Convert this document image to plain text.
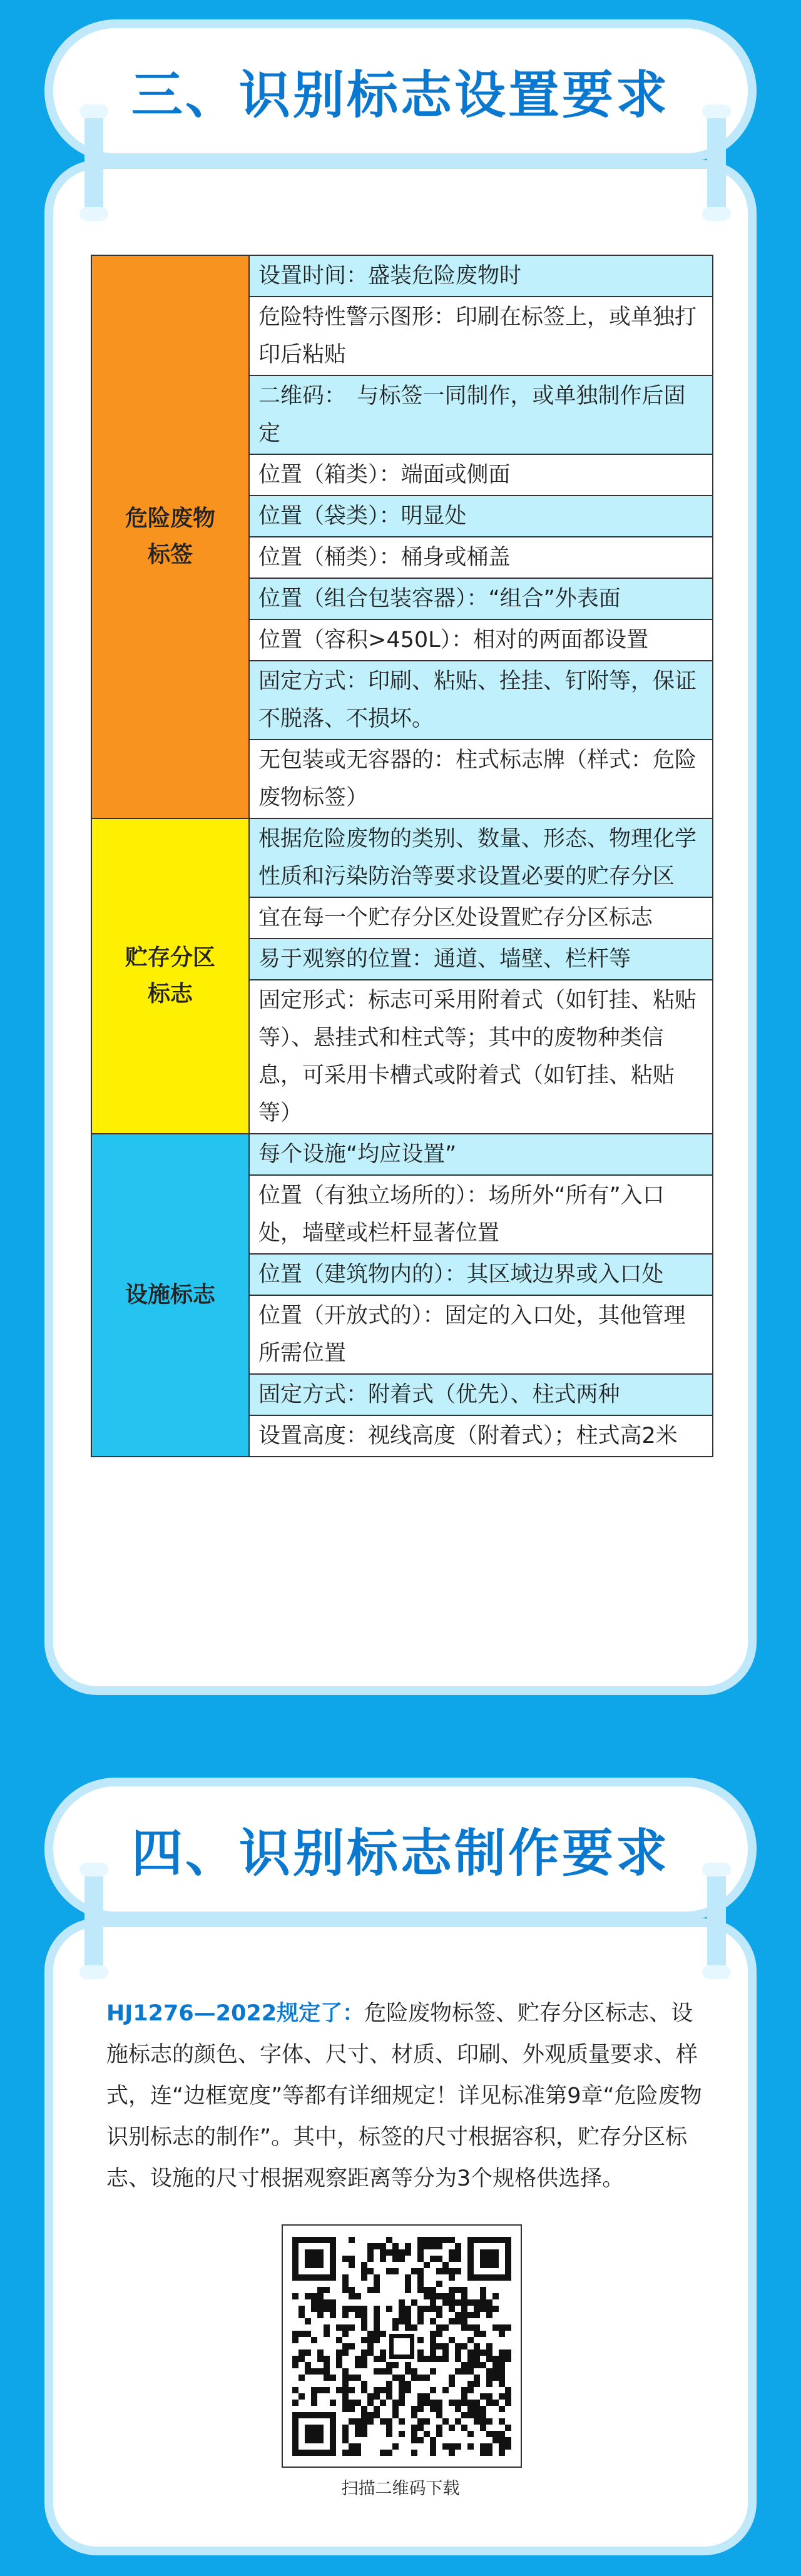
三、识别标志设置要求
危险废物
标签	设置时间：盛装危险废物时
	危险特性警示图形：印刷在标签上，或单独打印后粘贴
	二维码：　与标签一同制作，或单独制作后固定
	位置（箱类）：端面或侧面
	位置（袋类）：明显处
	位置（桶类）：桶身或桶盖
	位置（组合包装容器）：“组合”外表面
	位置（容积>450L）：相对的两面都设置
	固定方式：印刷、粘贴、拴挂、钉附等，保证不脱落、不损坏。
	无包装或无容器的：柱式标志牌（样式：危险废物标签）
贮存分区
标志	根据危险废物的类别、数量、形态、物理化学性质和污染防治等要求设置必要的贮存分区
	宜在每一个贮存分区处设置贮存分区标志
	易于观察的位置：通道、墙壁、栏杆等
	固定形式：标志可采用附着式（如钉挂、粘贴等）、悬挂式和柱式等；其中的废物种类信息，可采用卡槽式或附着式（如钉挂、粘贴等）
设施标志	每个设施“均应设置”
	位置（有独立场所的）：场所外“所有”入口处，墙壁或栏杆显著位置
	位置（建筑物内的）：其区域边界或入口处
	位置（开放式的）：固定的入口处，其他管理所需位置
	固定方式：附着式（优先）、柱式两种
	设置高度：视线高度（附着式）；柱式高2米
四、识别标志制作要求

HJ1276—2022规定了：危险废物标签、贮存分区标志、设施标志的颜色、字体、尺寸、材质、印刷、外观质量要求、样式，连“边框宽度”等都有详细规定！详见标准第9章“危险废物识别标志的制作”。其中，标签的尺寸根据容积，贮存分区标志、设施的尺寸根据观察距离等分为3个规格供选择。

扫描二维码下载
